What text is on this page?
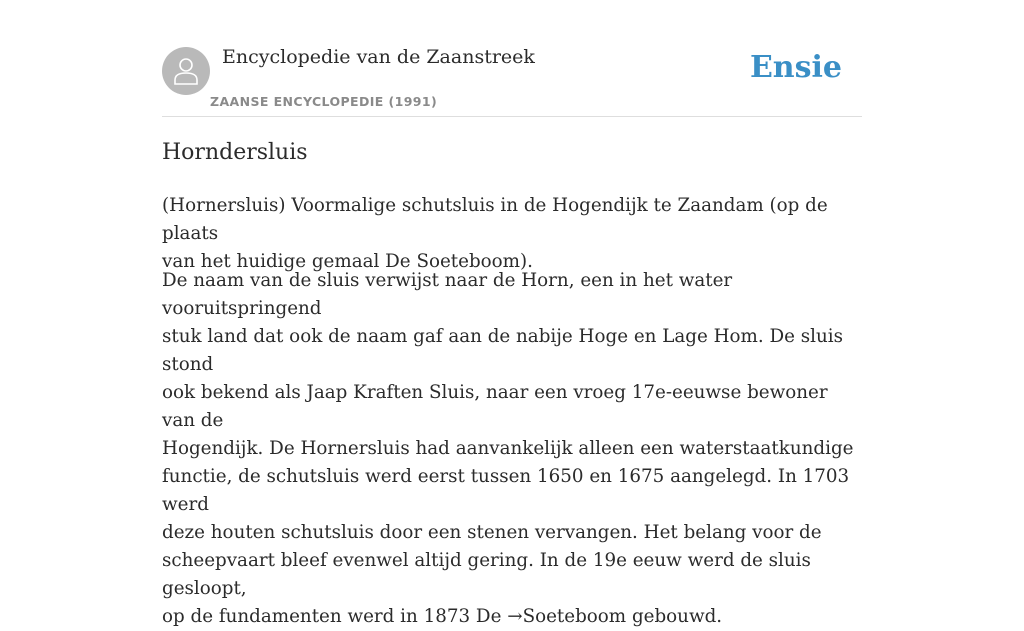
Encyclopedie van de Zaanstreek
ZAANSE ENCYCLOPEDIE (1991)
Ensie
Horndersluis

(Hornersluis) Voormalige schutsluis in de Hogendijk te Zaandam (op de plaats
van het huidige gemaal De Soeteboom).

De naam van de sluis verwijst naar de Horn, een in het water vooruitspringend
stuk land dat ook de naam gaf aan de nabije Hoge en Lage Hom. De sluis stond
ook bekend als Jaap Kraften Sluis, naar een vroeg 17e-eeuwse bewoner van de
Hogendijk. De Hornersluis had aanvankelijk alleen een waterstaatkundige
functie, de schutsluis werd eerst tussen 1650 en 1675 aangelegd. In 1703 werd
deze houten schutsluis door een stenen vervangen. Het belang voor de
scheepvaart bleef evenwel altijd gering. In de 19e eeuw werd de sluis gesloopt,
op de fundamenten werd in 1873 De →Soeteboom gebouwd.
